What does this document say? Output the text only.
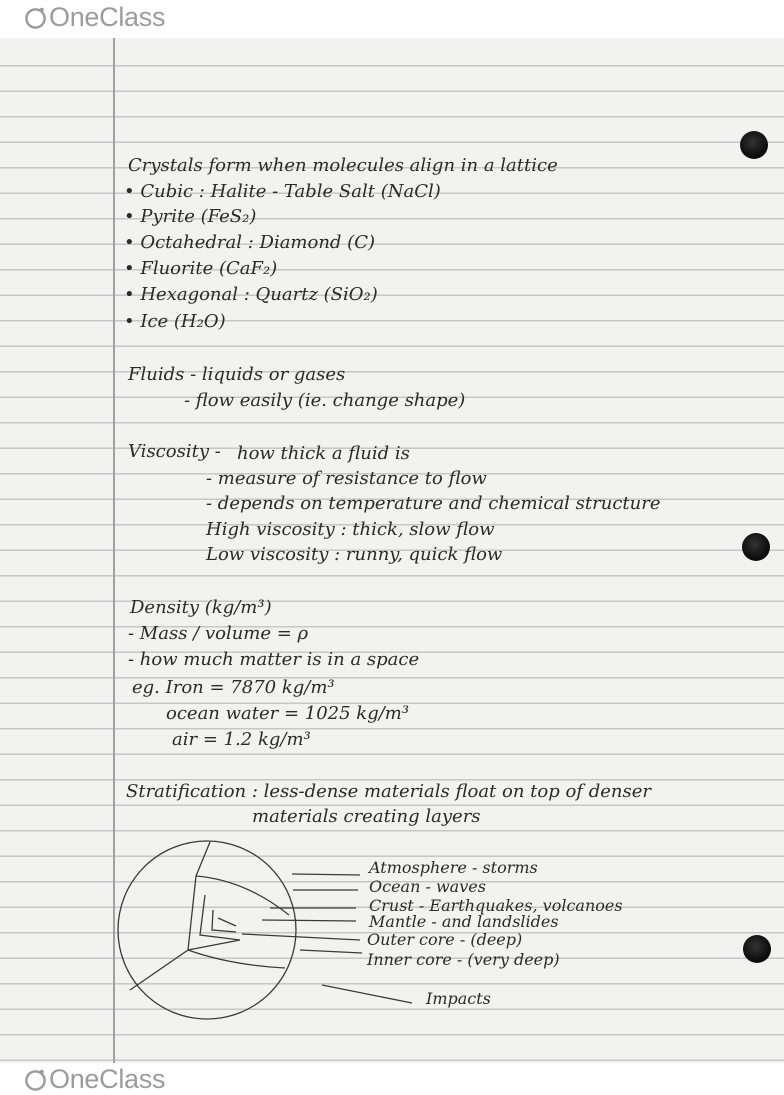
OneClass
Crystals form when molecules align in a lattice
• Cubic : Halite - Table Salt (NaCl)
• Pyrite (FeS₂)
• Octahedral : Diamond (C)
• Fluorite (CaF₂)
• Hexagonal : Quartz (SiO₂)
• Ice (H₂O)
Fluids - liquids or gases
- flow easily (ie. change shape)
Viscosity - how thick a fluid is
- measure of resistance to flow
- depends on temperature and chemical structure
High viscosity : thick, slow flow
Low viscosity : runny, quick flow
Density (kg/m³)
- Mass / volume = ρ
- how much matter is in a space
eg. Iron = 7870 kg/m³
ocean water = 1025 kg/m³
air = 1.2 kg/m³
Stratification : less-dense materials float on top of denser
materials creating layers
Atmosphere - storms
Ocean - waves
Crust - Earthquakes, volcanoes
Mantle - and landslides
Outer core - (deep)
Inner core - (very deep)
Impacts
OneClass
